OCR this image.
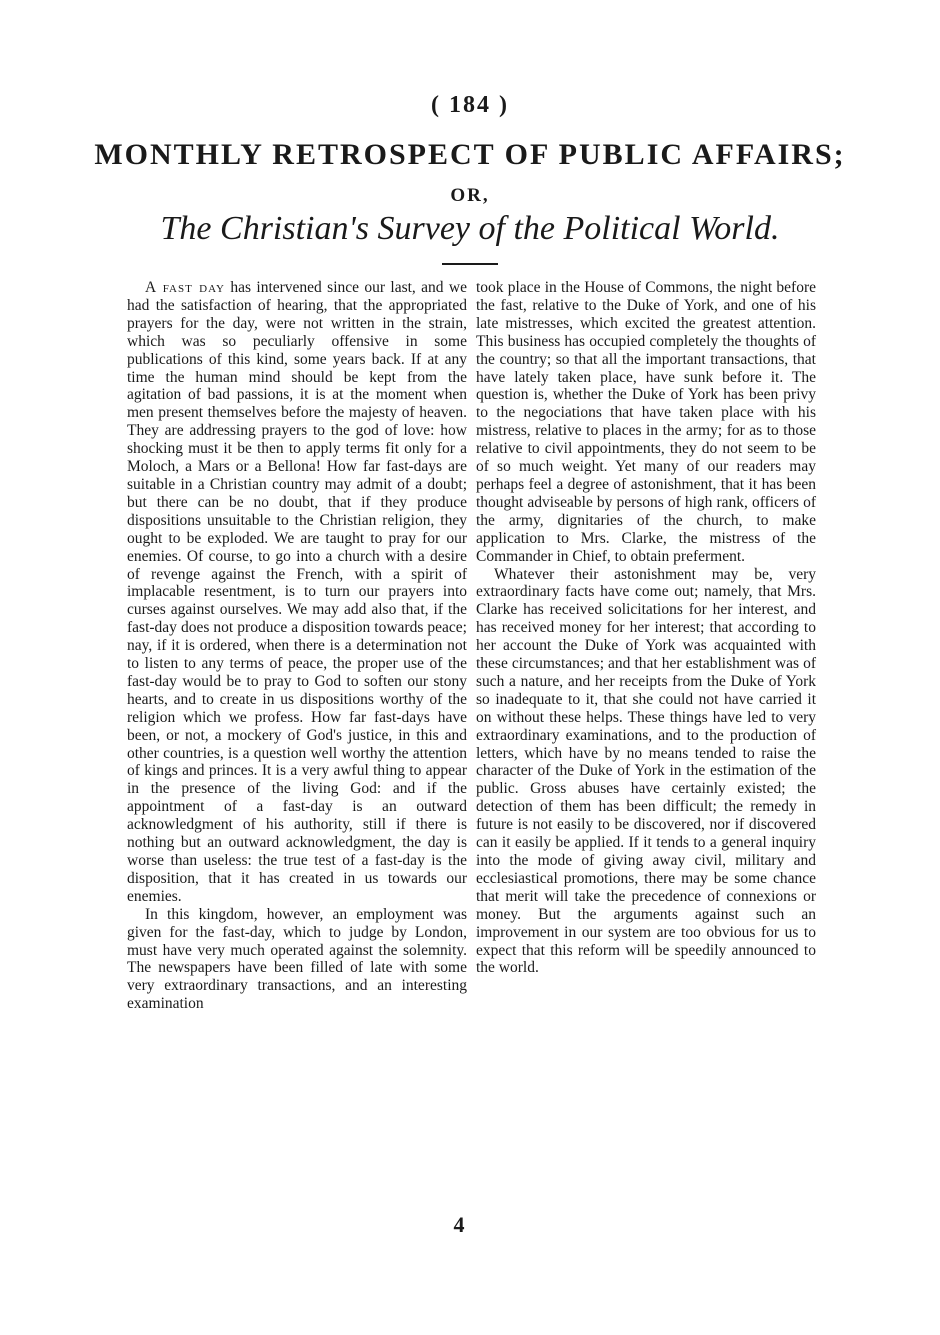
( 184 )
MONTHLY RETROSPECT OF PUBLIC AFFAIRS;
OR,
The Christian's Survey of the Political World.

A fast day has intervened since our last, and we had the satisfaction of hearing, that the appropriated prayers for the day, were not written in the strain, which was so peculiarly offensive in some publications of this kind, some years back. If at any time the human mind should be kept from the agitation of bad passions, it is at the moment when men present themselves before the majesty of heaven. They are addressing prayers to the god of love: how shocking must it be then to apply terms fit only for a Moloch, a Mars or a Bellona! How far fast-days are suitable in a Christian country may admit of a doubt; but there can be no doubt, that if they produce dispositions unsuitable to the Christian religion, they ought to be exploded. We are taught to pray for our enemies. Of course, to go into a church with a desire of revenge against the French, with a spirit of implacable resentment, is to turn our prayers into curses against ourselves. We may add also that, if the fast-day does not produce a disposition towards peace; nay, if it is ordered, when there is a determination not to listen to any terms of peace, the proper use of the fast-day would be to pray to God to soften our stony hearts, and to create in us dispositions worthy of the religion which we profess. How far fast-days have been, or not, a mockery of God's justice, in this and other countries, is a question well worthy the attention of kings and princes. It is a very awful thing to appear in the presence of the living God: and if the appointment of a fast-day is an outward acknowledgment of his authority, still if there is nothing but an outward acknowledgment, the day is worse than useless: the true test of a fast-day is the disposition, that it has created in us towards our enemies.

In this kingdom, however, an employment was given for the fast-day, which to judge by London, must have very much operated against the solemnity. The newspapers have been filled of late with some very extraordinary transactions, and an interesting examination

took place in the House of Commons, the night before the fast, relative to the Duke of York, and one of his late mistresses, which excited the greatest attention. This business has occupied completely the thoughts of the country; so that all the important transactions, that have lately taken place, have sunk before it. The question is, whether the Duke of York has been privy to the negociations that have taken place with his mistress, relative to places in the army; for as to those relative to civil appointments, they do not seem to be of so much weight. Yet many of our readers may perhaps feel a degree of astonishment, that it has been thought adviseable by persons of high rank, officers of the army, dignitaries of the church, to make application to Mrs. Clarke, the mistress of the Commander in Chief, to obtain preferment.

Whatever their astonishment may be, very extraordinary facts have come out; namely, that Mrs. Clarke has received solicitations for her interest, and has received money for her interest; that according to her account the Duke of York was acquainted with these circumstances; and that her establishment was of such a nature, and her receipts from the Duke of York so inadequate to it, that she could not have carried it on without these helps. These things have led to very extraordinary examinations, and to the production of letters, which have by no means tended to raise the character of the Duke of York in the estimation of the public. Gross abuses have certainly existed; the detection of them has been difficult; the remedy in future is not easily to be discovered, nor if discovered can it easily be applied. If it tends to a general inquiry into the mode of giving away civil, military and ecclesiastical promotions, there may be some chance that merit will take the precedence of connexions or money. But the arguments against such an improvement in our system are too obvious for us to expect that this reform will be speedily announced to the world.

4
